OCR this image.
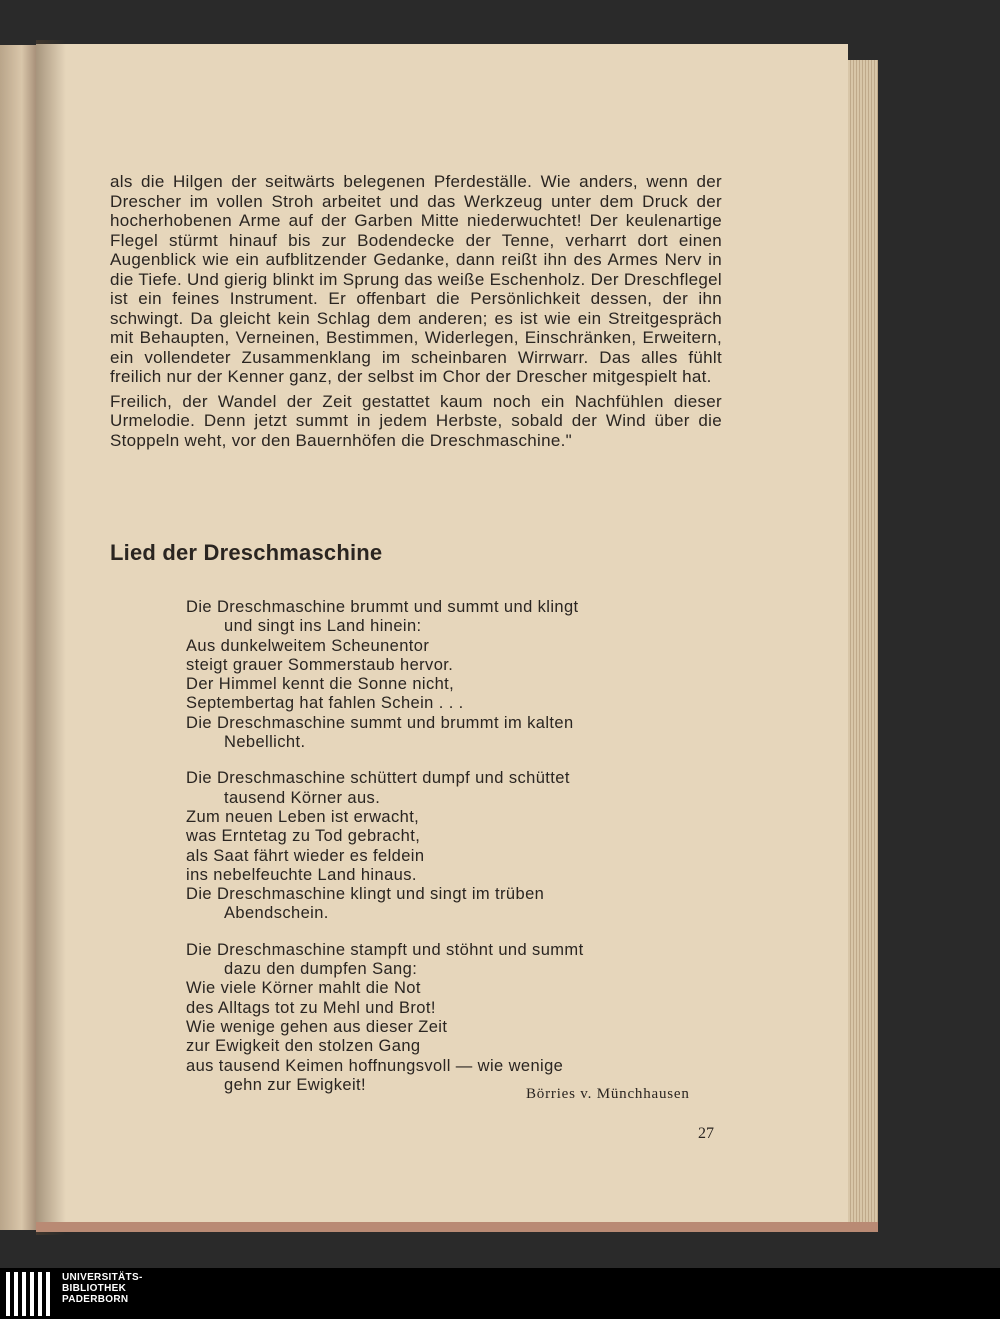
als die Hilgen der seitwärts belegenen Pferdeställe. Wie anders, wenn der Drescher im vollen Stroh arbeitet und das Werkzeug unter dem Druck der hocherhobenen Arme auf der Garben Mitte niederwuchtet! Der keulenartige Flegel stürmt hinauf bis zur Bodendecke der Tenne, verharrt dort einen Augenblick wie ein aufblitzender Gedanke, dann reißt ihn des Armes Nerv in die Tiefe. Und gierig blinkt im Sprung das weiße Eschenholz. Der Dreschflegel ist ein feines Instrument. Er offenbart die Persönlichkeit dessen, der ihn schwingt. Da gleicht kein Schlag dem anderen; es ist wie ein Streitgespräch mit Behaupten, Verneinen, Bestimmen, Widerlegen, Einschränken, Erweitern, ein vollendeter Zusammenklang im scheinbaren Wirrwarr. Das alles fühlt freilich nur der Kenner ganz, der selbst im Chor der Drescher mitgespielt hat.

Freilich, der Wandel der Zeit gestattet kaum noch ein Nachfühlen dieser Urmelodie. Denn jetzt summt in jedem Herbste, sobald der Wind über die Stoppeln weht, vor den Bauernhöfen die Dreschmaschine."

Lied der Dreschmaschine
Die Dreschmaschine brummt und summt und klingt
und singt ins Land hinein:
Aus dunkelweitem Scheunentor
steigt grauer Sommerstaub hervor.
Der Himmel kennt die Sonne nicht,
Septembertag hat fahlen Schein . . .
Die Dreschmaschine summt und brummt im kalten
Nebellicht.
Die Dreschmaschine schüttert dumpf und schüttet
tausend Körner aus.
Zum neuen Leben ist erwacht,
was Erntetag zu Tod gebracht,
als Saat fährt wieder es feldein
ins nebelfeuchte Land hinaus.
Die Dreschmaschine klingt und singt im trüben
Abendschein.
Die Dreschmaschine stampft und stöhnt und summt
dazu den dumpfen Sang:
Wie viele Körner mahlt die Not
des Alltags tot zu Mehl und Brot!
Wie wenige gehen aus dieser Zeit
zur Ewigkeit den stolzen Gang
aus tausend Keimen hoffnungsvoll — wie wenige
gehn zur Ewigkeit!
Börries v. Münchhausen
27
UNIVERSITÄTS-
BIBLIOTHEK
PADERBORN
